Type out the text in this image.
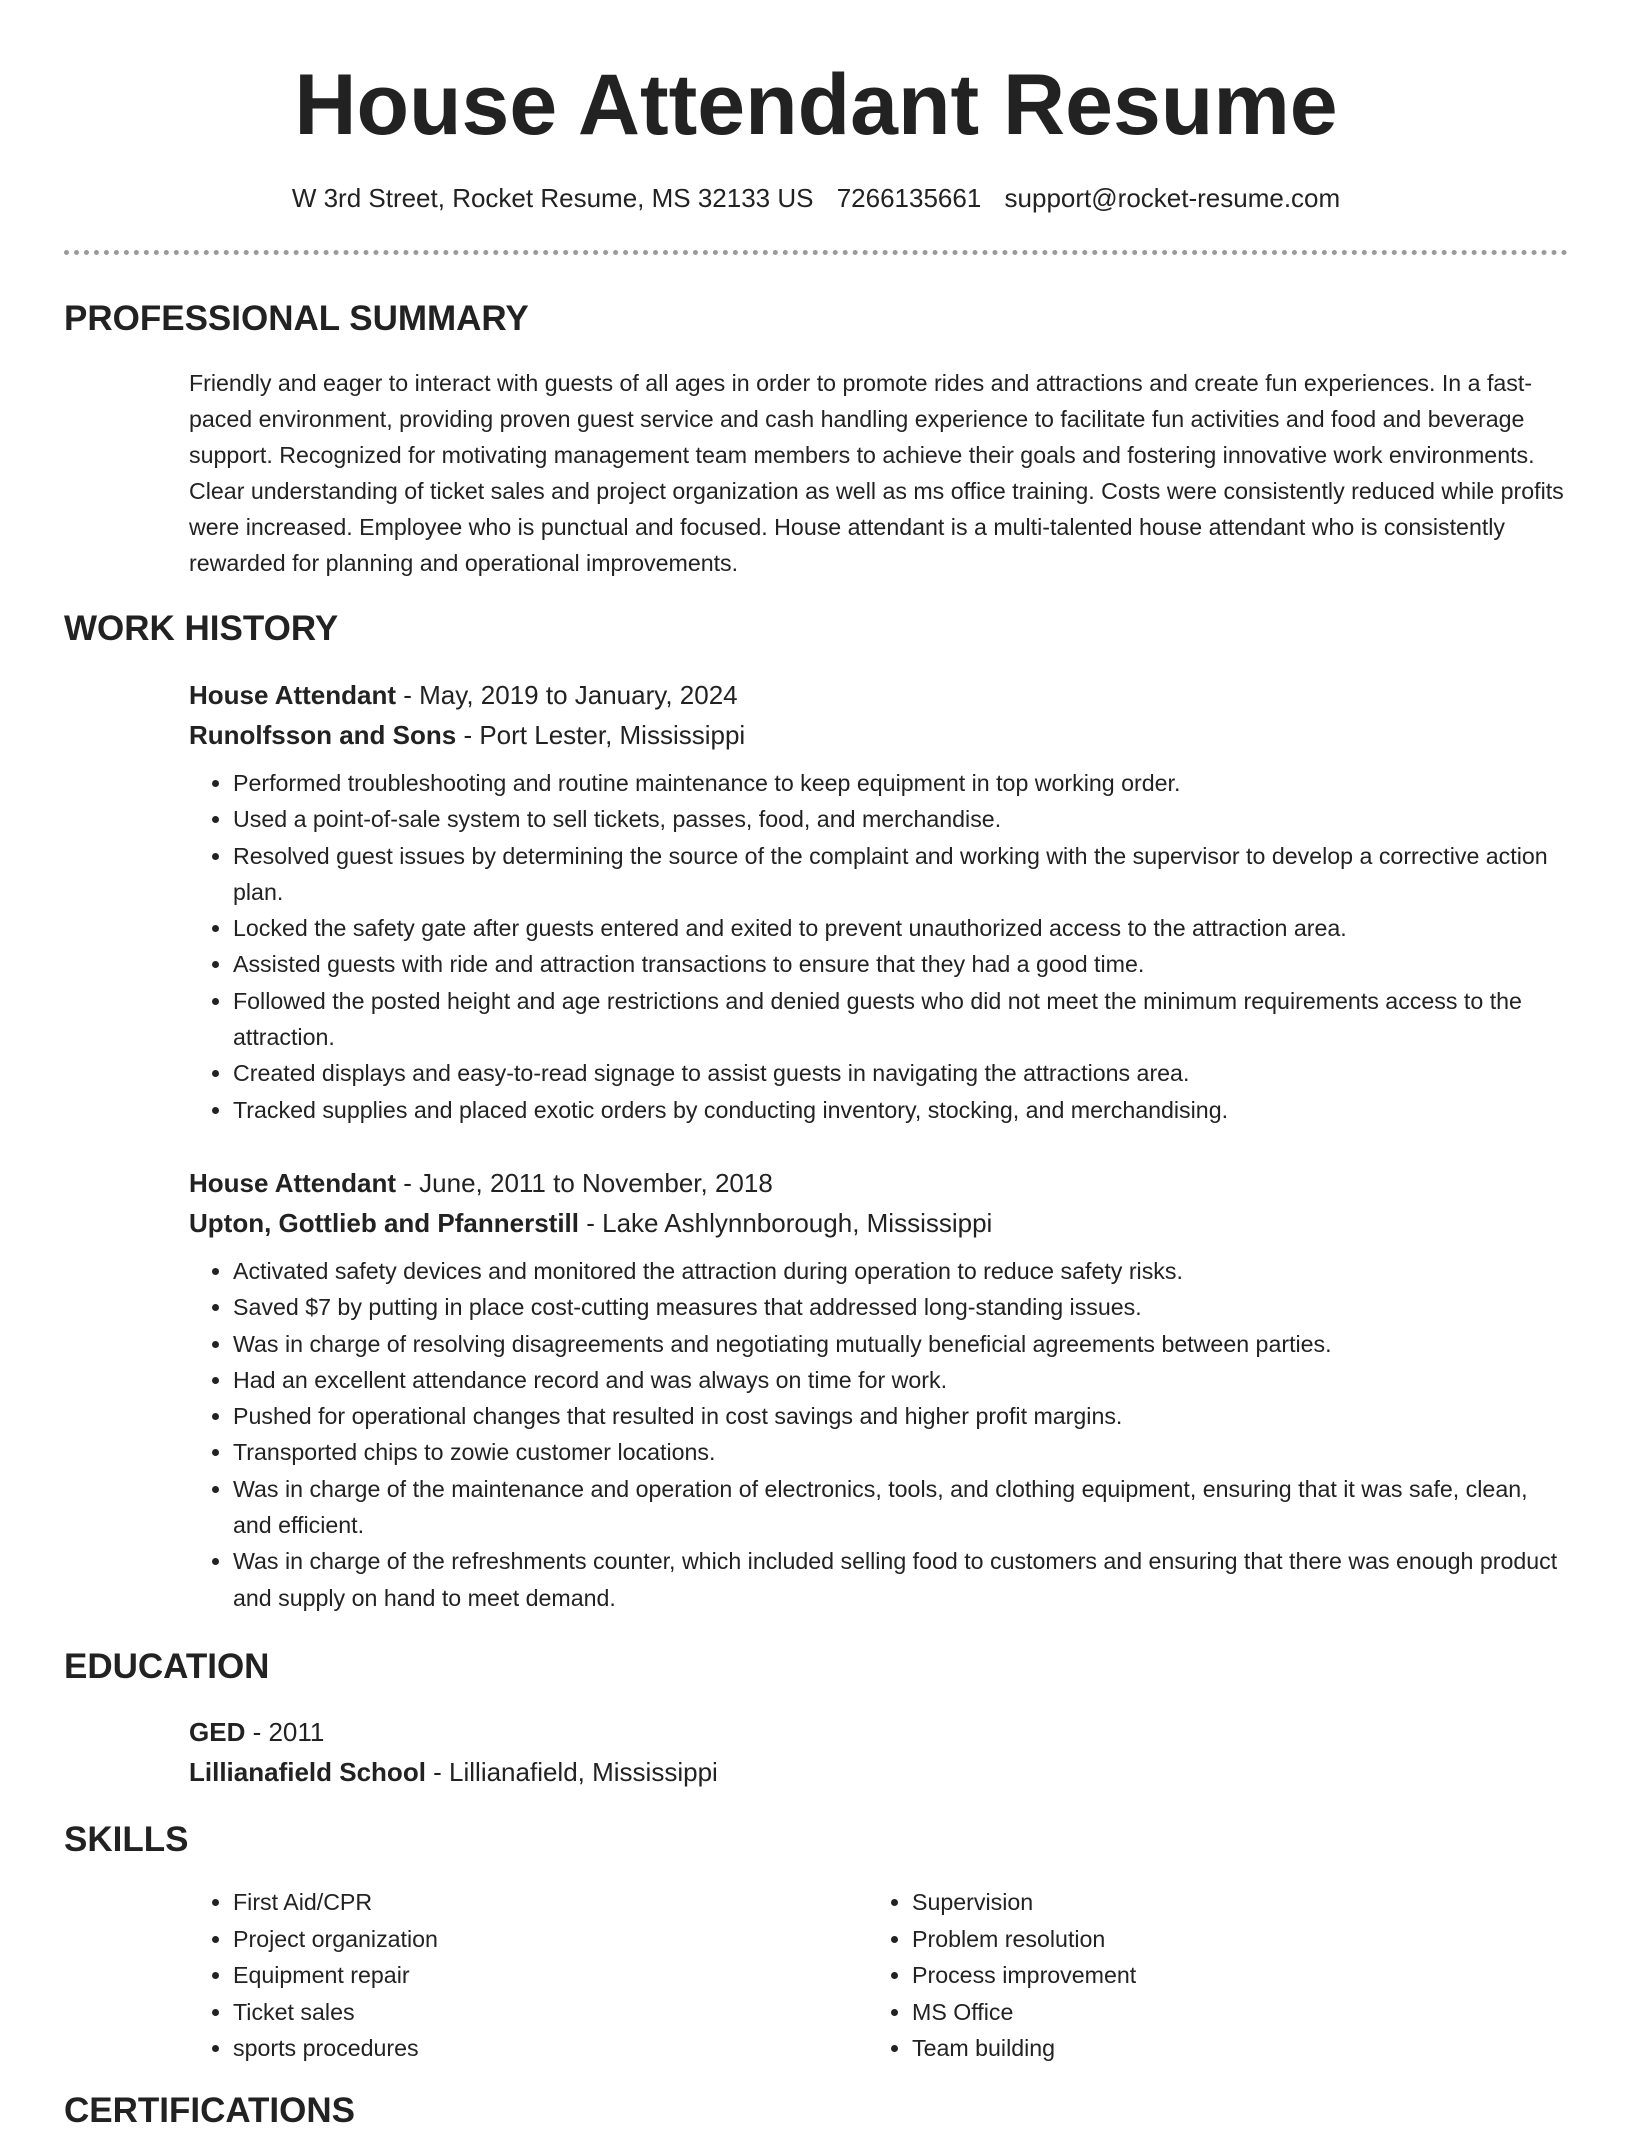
House Attendant Resume
W 3rd Street, Rocket Resume, MS 32133 US 7266135661 support@rocket-resume.com
PROFESSIONAL SUMMARY

Friendly and eager to interact with guests of all ages in order to promote rides and attractions and create fun experiences. In a fast-paced environment, providing proven guest service and cash handling experience to facilitate fun activities and food and beverage support. Recognized for motivating management team members to achieve their goals and fostering innovative work environments. Clear understanding of ticket sales and project organization as well as ms office training. Costs were consistently reduced while profits were increased. Employee who is punctual and focused. House attendant is a multi-talented house attendant who is consistently rewarded for planning and operational improvements.

WORK HISTORY

House Attendant - May, 2019 to January, 2024

Runolfsson and Sons - Port Lester, Mississippi

• Performed troubleshooting and routine maintenance to keep equipment in top working order.
• Used a point-of-sale system to sell tickets, passes, food, and merchandise.
• Resolved guest issues by determining the source of the complaint and working with the supervisor to develop a corrective action plan.
• Locked the safety gate after guests entered and exited to prevent unauthorized access to the attraction area.
• Assisted guests with ride and attraction transactions to ensure that they had a good time.
• Followed the posted height and age restrictions and denied guests who did not meet the minimum requirements access to the attraction.
• Created displays and easy-to-read signage to assist guests in navigating the attractions area.
• Tracked supplies and placed exotic orders by conducting inventory, stocking, and merchandising.

House Attendant - June, 2011 to November, 2018

Upton, Gottlieb and Pfannerstill - Lake Ashlynnborough, Mississippi

• Activated safety devices and monitored the attraction during operation to reduce safety risks.
• Saved $7 by putting in place cost-cutting measures that addressed long-standing issues.
• Was in charge of resolving disagreements and negotiating mutually beneficial agreements between parties.
• Had an excellent attendance record and was always on time for work.
• Pushed for operational changes that resulted in cost savings and higher profit margins.
• Transported chips to zowie customer locations.
• Was in charge of the maintenance and operation of electronics, tools, and clothing equipment, ensuring that it was safe, clean, and efficient.
• Was in charge of the refreshments counter, which included selling food to customers and ensuring that there was enough product and supply on hand to meet demand.
EDUCATION

GED - 2011

Lillianafield School - Lillianafield, Mississippi

SKILLS
• First Aid/CPR
• Project organization
• Equipment repair
• Ticket sales
• sports procedures
• Supervision
• Problem resolution
• Process improvement
• MS Office
• Team building
CERTIFICATIONS
